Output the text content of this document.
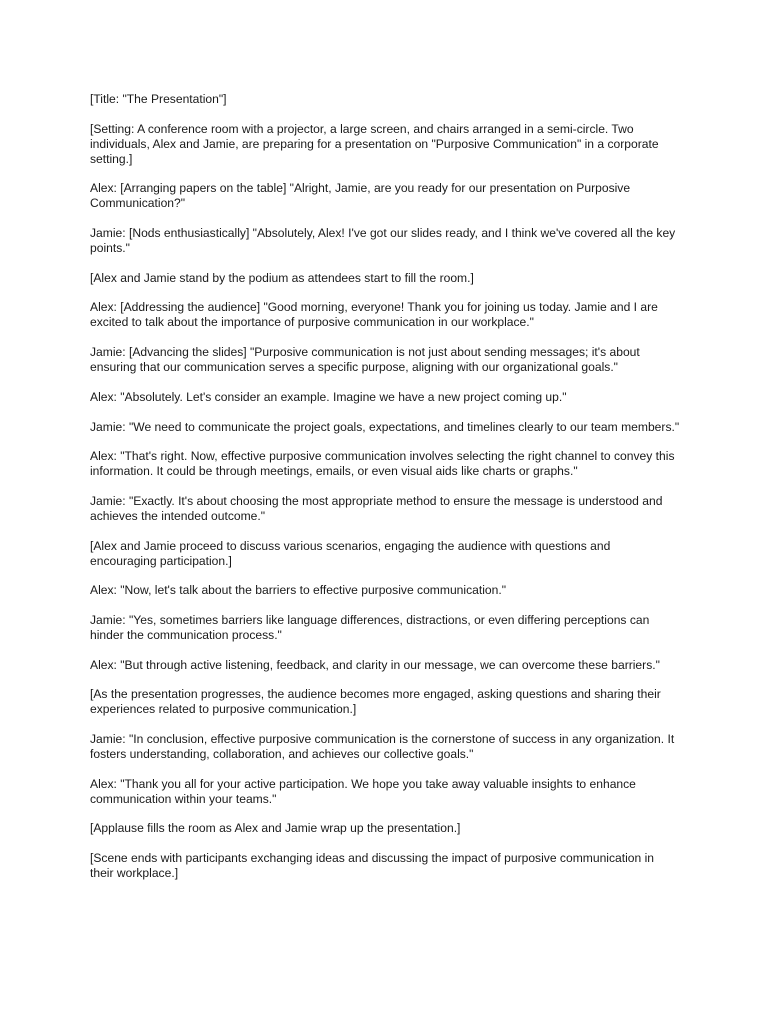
[Title: "The Presentation"]

[Setting: A conference room with a projector, a large screen, and chairs arranged in a semi-circle. Two individuals, Alex and Jamie, are preparing for a presentation on "Purposive Communication" in a corporate setting.]

Alex: [Arranging papers on the table] "Alright, Jamie, are you ready for our presentation on Purposive Communication?"

Jamie: [Nods enthusiastically] "Absolutely, Alex! I've got our slides ready, and I think we've covered all the key points."

[Alex and Jamie stand by the podium as attendees start to fill the room.]

Alex: [Addressing the audience] "Good morning, everyone! Thank you for joining us today. Jamie and I are excited to talk about the importance of purposive communication in our workplace."

Jamie: [Advancing the slides] "Purposive communication is not just about sending messages; it's about ensuring that our communication serves a specific purpose, aligning with our organizational goals."

Alex: "Absolutely. Let's consider an example. Imagine we have a new project coming up."

Jamie: "We need to communicate the project goals, expectations, and timelines clearly to our team members."

Alex: "That's right. Now, effective purposive communication involves selecting the right channel to convey this information. It could be through meetings, emails, or even visual aids like charts or graphs."

Jamie: "Exactly. It's about choosing the most appropriate method to ensure the message is understood and achieves the intended outcome."

[Alex and Jamie proceed to discuss various scenarios, engaging the audience with questions and encouraging participation.]

Alex: "Now, let's talk about the barriers to effective purposive communication."

Jamie: "Yes, sometimes barriers like language differences, distractions, or even differing perceptions can hinder the communication process."

Alex: "But through active listening, feedback, and clarity in our message, we can overcome these barriers."

[As the presentation progresses, the audience becomes more engaged, asking questions and sharing their experiences related to purposive communication.]

Jamie: "In conclusion, effective purposive communication is the cornerstone of success in any organization. It fosters understanding, collaboration, and achieves our collective goals."

Alex: "Thank you all for your active participation. We hope you take away valuable insights to enhance communication within your teams."

[Applause fills the room as Alex and Jamie wrap up the presentation.]

[Scene ends with participants exchanging ideas and discussing the impact of purposive communication in their workplace.]
